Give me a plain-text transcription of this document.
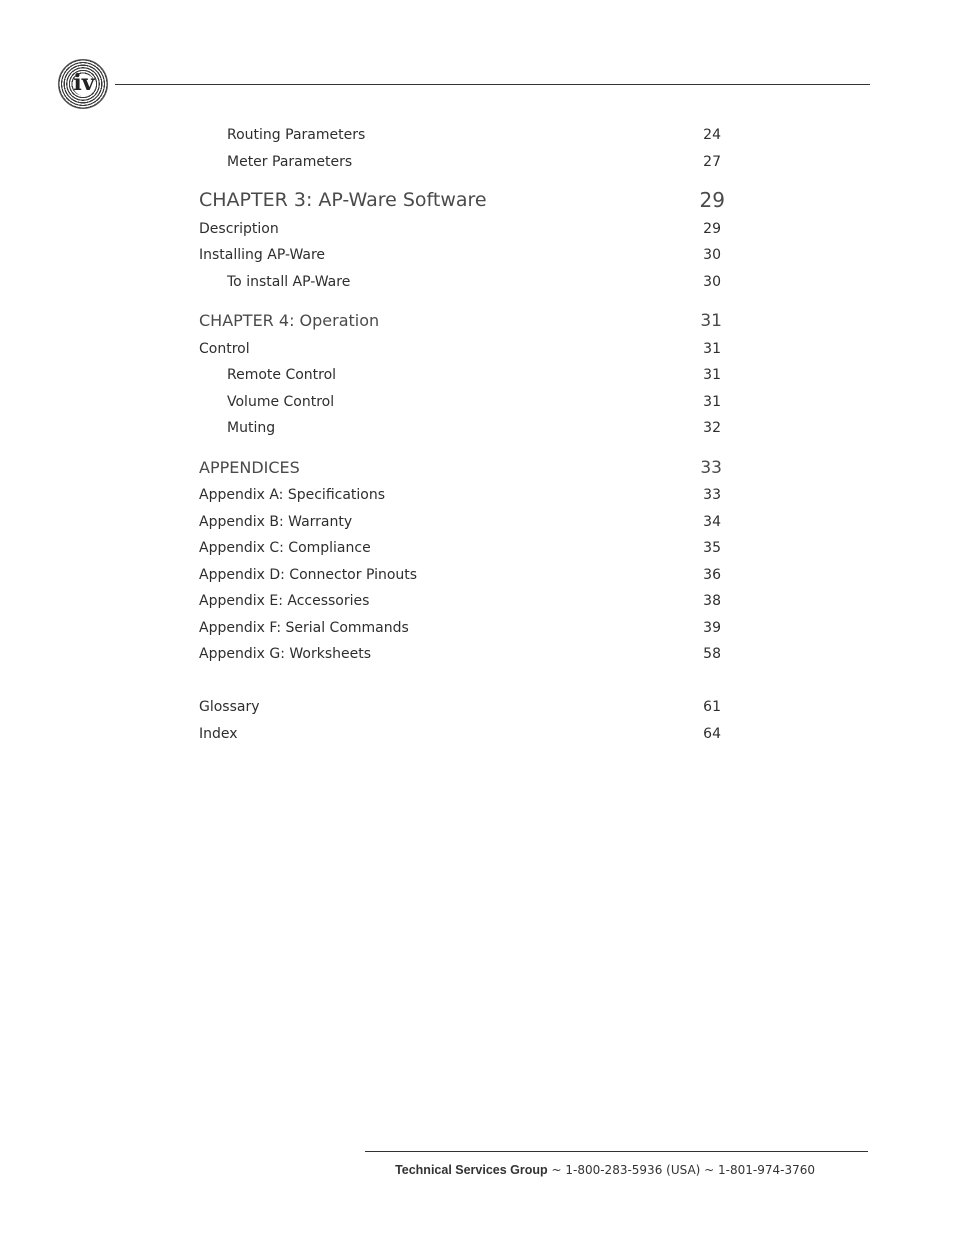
iv
Routing Parameters	24
Meter Parameters	27
CHAPTER 3: AP-Ware Software	29
Description	29
Installing AP-Ware	30
To install AP-Ware	30
CHAPTER 4: Operation	31
Control	31
Remote Control	31
Volume Control	31
Muting	32
APPENDICES	33
Appendix A: Specifications	33
Appendix B: Warranty	34
Appendix C: Compliance	35
Appendix D: Connector Pinouts	36
Appendix E: Accessories	38
Appendix F: Serial Commands	39
Appendix G: Worksheets	58
Glossary	61
Index	64
Technical Services Group ~ 1-800-283-5936 (USA) ~ 1-801-974-3760
